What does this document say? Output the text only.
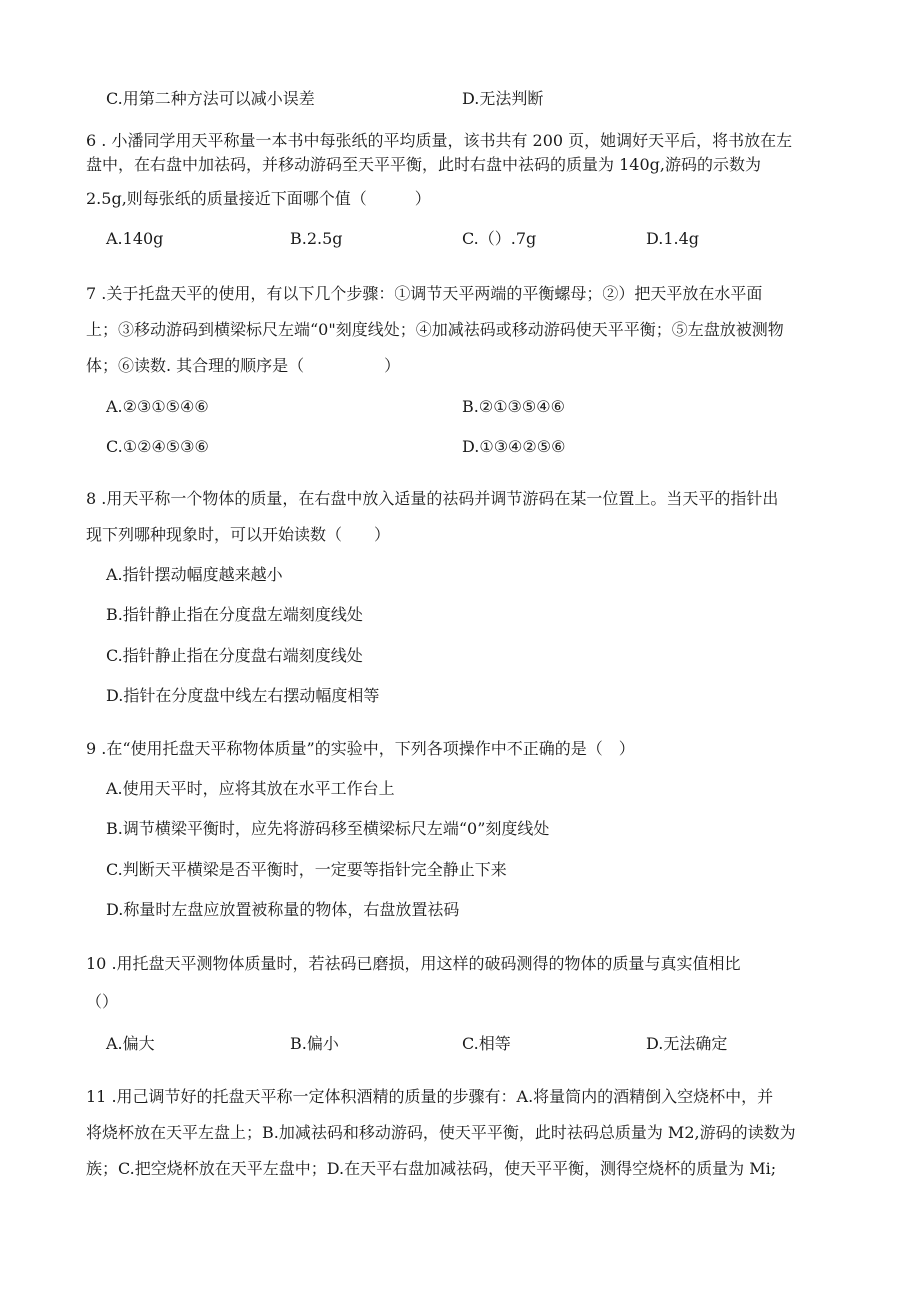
C.用第二种方法可以减小误差	D.无法判断
6 . 小潘同学用天平称量一本书中每张纸的平均质量，该书共有 200 页，她调好天平后，将书放在左
盘中，在右盘中加祛码，并移动游码至天平平衡，此时右盘中祛码的质量为 140g,游码的示数为
2.5g,则每张纸的质量接近下面哪个值（　　　）
A.140g	B.2.5g	C.（）.7g	D.1.4g
7 .关于托盘天平的使用，有以下几个步骤：①调节天平两端的平衡螺母；②）把天平放在水平面
上；③移动游码到横梁标尺左端“0"刻度线处；④加减祛码或移动游码使天平平衡；⑤左盘放被测物
体；⑥读数. 其合理的顺序是（　　　　　）
A.②③①⑤④⑥	B.②①③⑤④⑥
C.①②④⑤③⑥	D.①③④②⑤⑥
8 .用天平称一个物体的质量，在右盘中放入适量的祛码并调节游码在某一位置上。当天平的指针出
现下列哪种现象时，可以开始读数（　　）
A.指针摆动幅度越来越小
B.指针静止指在分度盘左端刻度线处
C.指针静止指在分度盘右端刻度线处
D.指针在分度盘中线左右摆动幅度相等
9 .在“使用托盘天平称物体质量”的实验中，下列各项操作中不正确的是（　）
A.使用天平时，应将其放在水平工作台上
B.调节横梁平衡时，应先将游码移至横梁标尺左端“0”刻度线处
C.判断天平横梁是否平衡时，一定要等指针完全静止下来
D.称量时左盘应放置被称量的物体，右盘放置祛码
10 .用托盘天平测物体质量时，若祛码已磨损，用这样的破码测得的物体的质量与真实值相比
（）
A.偏大	B.偏小	C.相等	D.无法确定
11 .用己调节好的托盘天平称一定体积酒精的质量的步骤有：A.将量筒内的酒精倒入空烧杯中，并
将烧杯放在天平左盘上；B.加减祛码和移动游码，使天平平衡，此时祛码总质量为 M2,游码的读数为
族；C.把空烧杯放在天平左盘中；D.在天平右盘加减祛码，使天平平衡，测得空烧杯的质量为 Mi;
